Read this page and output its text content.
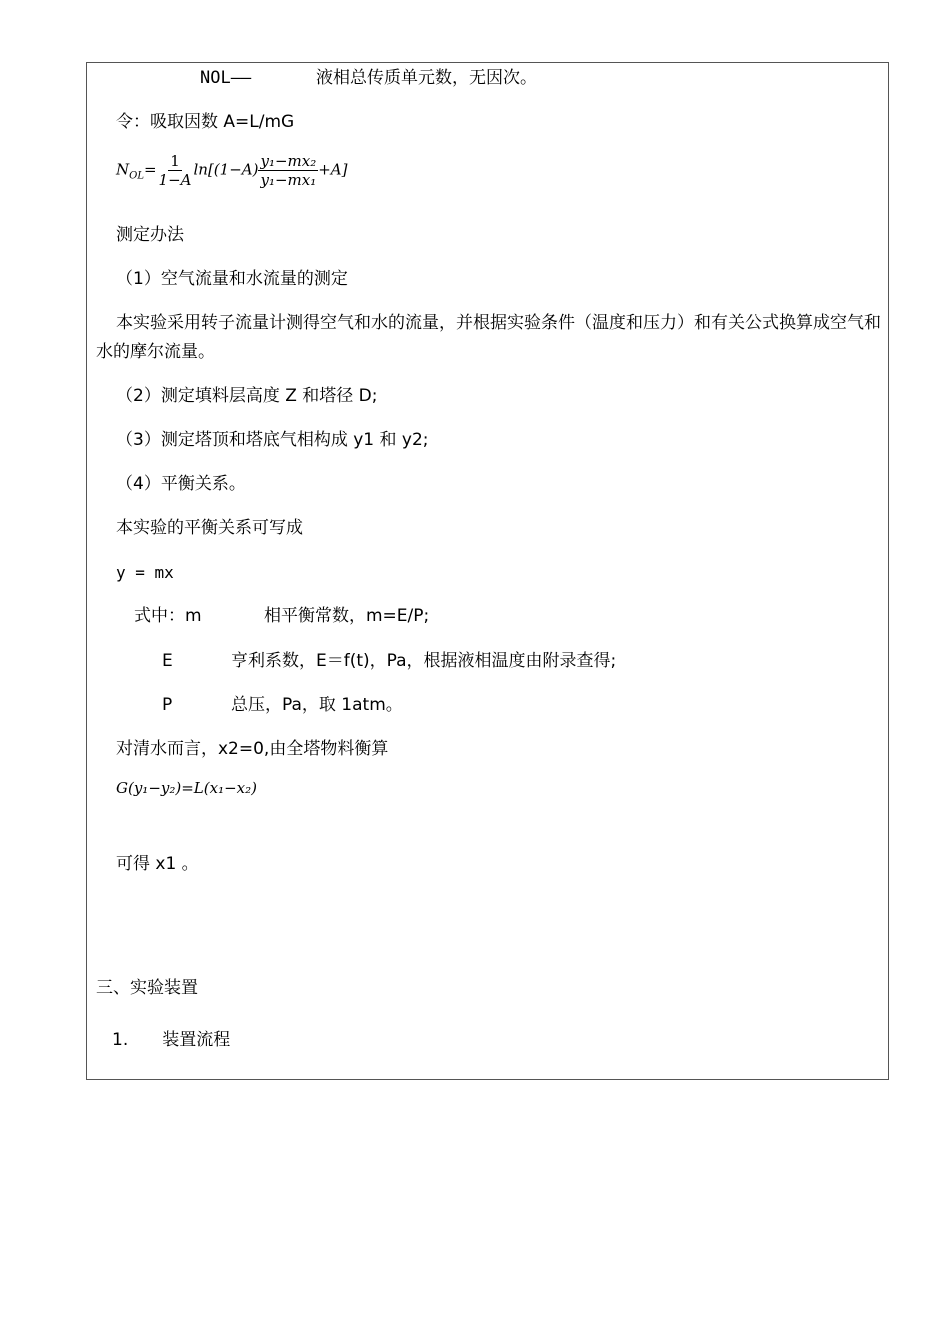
NOL——	液相总传质单元数，无因次。
令：吸取因数 A=L/mG
$N_{OL}= \frac{1}{1-A} \ln[(1-A) \frac{\text{y₁−mx₂}}{\text{y₁−mx₁}} +A]$
测定办法
（1）空气流量和水流量的测定
本实验采用转子流量计测得空气和水的流量，并根据实验条件（温度和压力）和有关公式换算成空气和水的摩尔流量。
（2）测定填料层高度 Z 和塔径 D;
（3）测定塔顶和塔底气相构成 y1 和 y2;
（4）平衡关系。
本实验的平衡关系可写成
y = mx
式中：m	相平衡常数，m=E/P;
E	亨利系数，E＝f(t)，Pa，根据液相温度由附录查得;
P	总压，Pa，取 1atm。
对清水而言，x2=0,由全塔物料衡算
G(y₁−y₂)=L(x₁−x₂)
可得 x1 。
三、实验装置
1.　　装置流程
